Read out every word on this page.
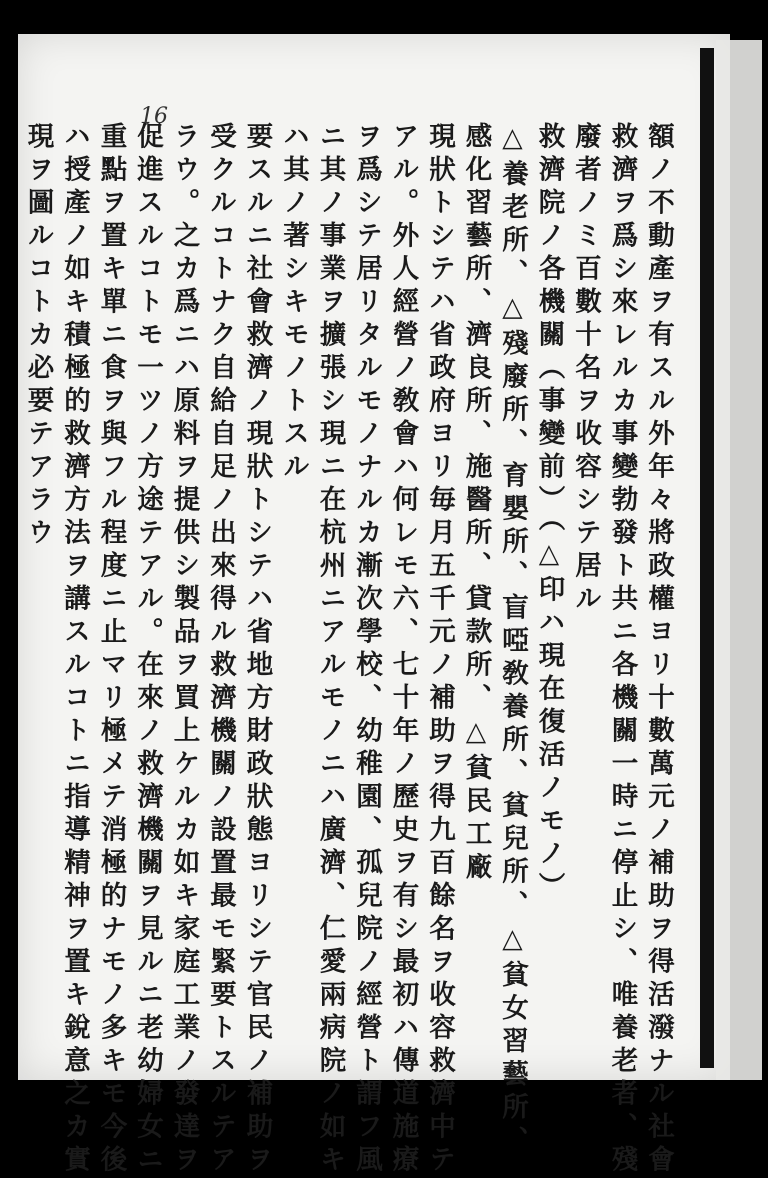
16
額ノ不動產ヲ有スル外年々將政權ヨリ十數萬元ノ補助ヲ得活潑ナル社會
救濟ヲ爲シ來レルカ事變勃發ト共ニ各機關一時ニ停止シ、唯養老者、殘
廢者ノミ百數十名ヲ收容シテ居ル
救濟院ノ各機關（事變前）（△印ハ現在復活ノモノ）
△養老所、△殘廢所、育嬰所、盲啞敎養所、貧兒所、△貧女習藝所、
感化習藝所、濟良所、施醫所、貸款所、△貧民工廠
現狀トシテハ省政府ヨリ毎月五千元ノ補助ヲ得九百餘名ヲ收容救濟中テ
アル。外人經營ノ敎會ハ何レモ六、七十年ノ歷史ヲ有シ最初ハ傳道施療
ヲ爲シテ居リタルモノナルカ漸次學校、幼稚園、孤兒院ノ經營ト謂フ風
ニ其ノ事業ヲ擴張シ現ニ在杭州ニアルモノニハ廣濟、仁愛兩病院ノ如キ
ハ其ノ著シキモノトスル
要スルニ社會救濟ノ現狀トシテハ省地方財政狀態ヨリシテ官民ノ補助ヲ
受クルコトナク自給自足ノ出來得ル救濟機關ノ設置最モ緊要トスルテア
ラウ。之カ爲ニハ原料ヲ提供シ製品ヲ買上ケルカ如キ家庭工業ノ發達ヲ
促進スルコトモ一ツノ方途テアル。在來ノ救濟機關ヲ見ルニ老幼婦女ニ
重點ヲ置キ單ニ食ヲ與フル程度ニ止マリ極メテ消極的ナモノ多キモ今後
ハ授產ノ如キ積極的救濟方法ヲ講スルコトニ指導精神ヲ置キ銳意之カ實
現ヲ圖ルコトカ必要テアラウ
